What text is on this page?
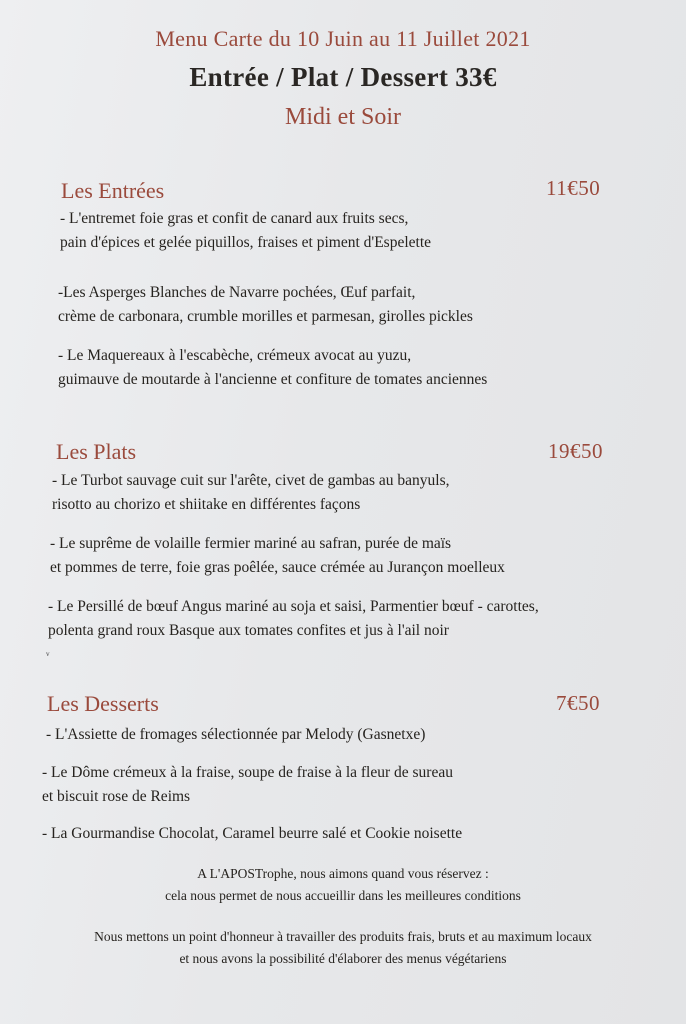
Menu Carte du 10 Juin au 11 Juillet 2021
Entrée / Plat / Dessert 33€
Midi et Soir
Les Entrées	11€50
- L'entremet foie gras et confit de canard aux fruits secs,
pain d'épices et gelée piquillos, fraises et piment d'Espelette
-Les Asperges Blanches de Navarre pochées, Œuf parfait,
crème de carbonara, crumble morilles et parmesan, girolles pickles
- Le Maquereaux à l'escabèche, crémeux avocat au yuzu,
guimauve de moutarde à l'ancienne et confiture de tomates anciennes
Les Plats	19€50
- Le Turbot sauvage cuit sur l'arête, civet de gambas au banyuls,
risotto au chorizo et shiitake en différentes façons
- Le suprême de volaille fermier mariné au safran, purée de maïs
et pommes de terre, foie gras poêlée, sauce crémée au Jurançon moelleux
- Le Persillé de bœuf Angus mariné au soja et saisi, Parmentier bœuf - carottes,
polenta grand roux Basque aux tomates confites et jus à l'ail noir
ᵥ
Les Desserts	7€50
- L'Assiette de fromages sélectionnée par Melody (Gasnetxe)
- Le Dôme crémeux à la fraise, soupe de fraise à la fleur de sureau
et biscuit rose de Reims
- La Gourmandise Chocolat, Caramel beurre salé et Cookie noisette
A L'APOSTrophe, nous aimons quand vous réservez :
cela nous permet de nous accueillir dans les meilleures conditions
Nous mettons un point d'honneur à travailler des produits frais, bruts et au maximum locaux
et nous avons la possibilité d'élaborer des menus végétariens
